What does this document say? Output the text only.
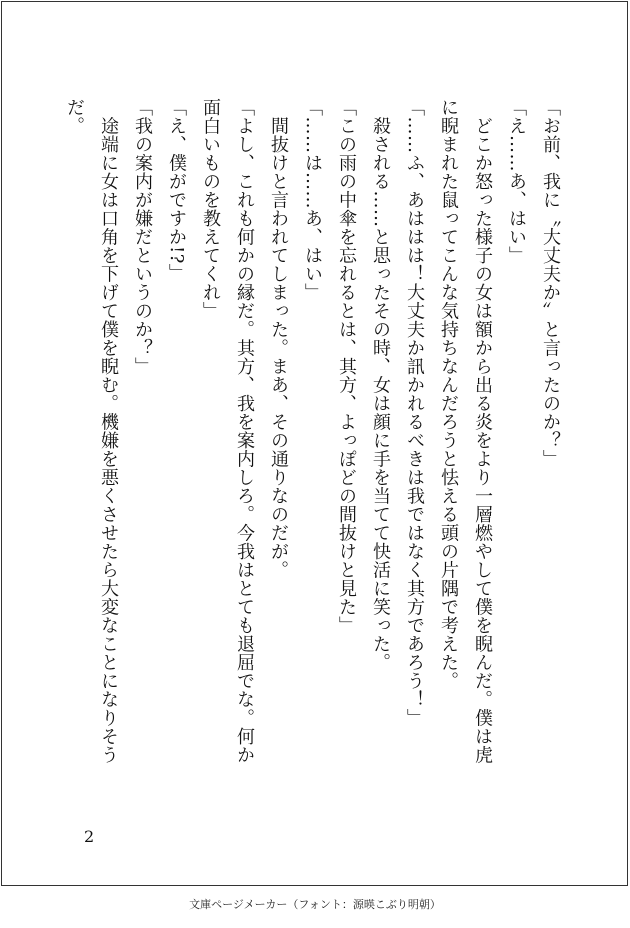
「お前、我に〝大丈夫か〟と言ったのか？」

「え……あ、はい」

　どこか怒った様子の女は額から出る炎をより一層燃やして僕を睨んだ。僕は虎

に睨まれた鼠ってこんな気持ちなんだろうと怯える頭の片隅で考えた。

「……ふ、あははは！大丈夫か訊かれるべきは我ではなく其方であろう！」

　殺される……と思ったその時、女は顔に手を当てて快活に笑った。

「この雨の中傘を忘れるとは、其方、よっぽどの間抜けと見た」

「……は……あ、はい」

　間抜けと言われてしまった。まあ、その通りなのだが。

「よし、これも何かの縁だ。其方、我を案内しろ。今我はとても退屈でな。何か

面白いものを教えてくれ」

「え、僕がですか!?」

「我の案内が嫌だというのか？」

　途端に女は口角を下げて僕を睨む。機嫌を悪くさせたら大変なことになりそう

だ。

2
文庫ページメーカー（フォント：源暎こぶり明朝）
